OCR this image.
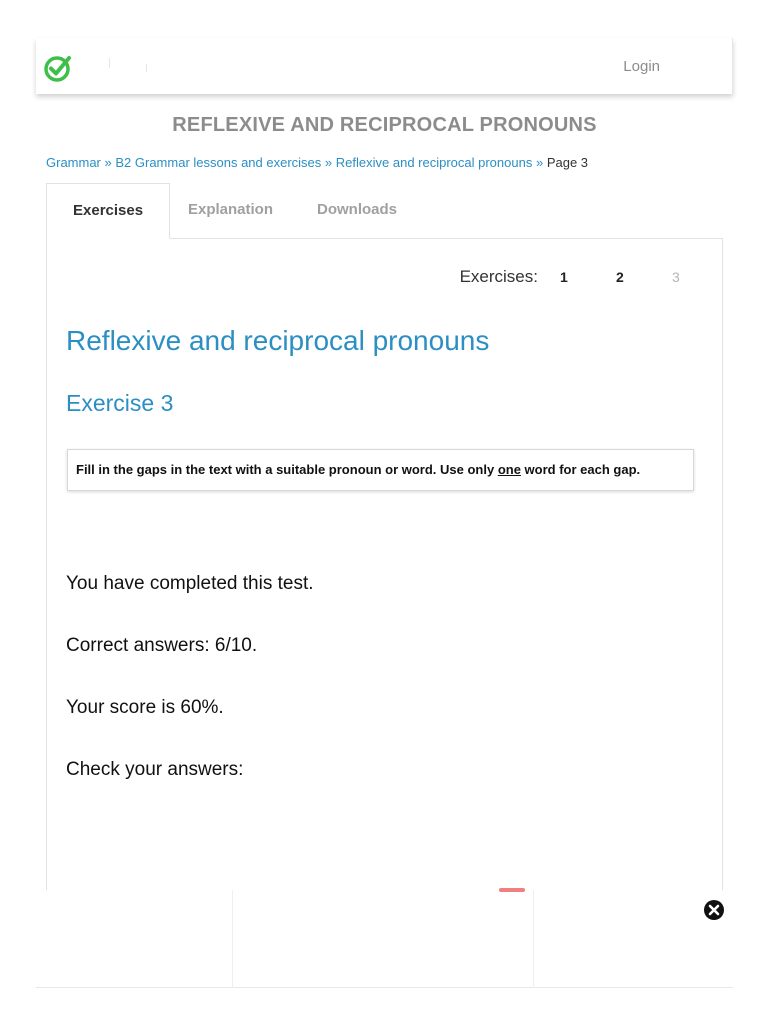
Login
REFLEXIVE AND RECIPROCAL PRONOUNS
Grammar » B2 Grammar lessons and exercises » Reflexive and reciprocal pronouns » Page 3
Exercises	Explanation	Downloads
Exercises: 1	2	3
Reflexive and reciprocal pronouns
Exercise 3
Fill in the gaps in the text with a suitable pronoun or word. Use only one word for each gap.

You have completed this test.

Correct answers: 6/10.

Your score is 60%.

Check your answers:
